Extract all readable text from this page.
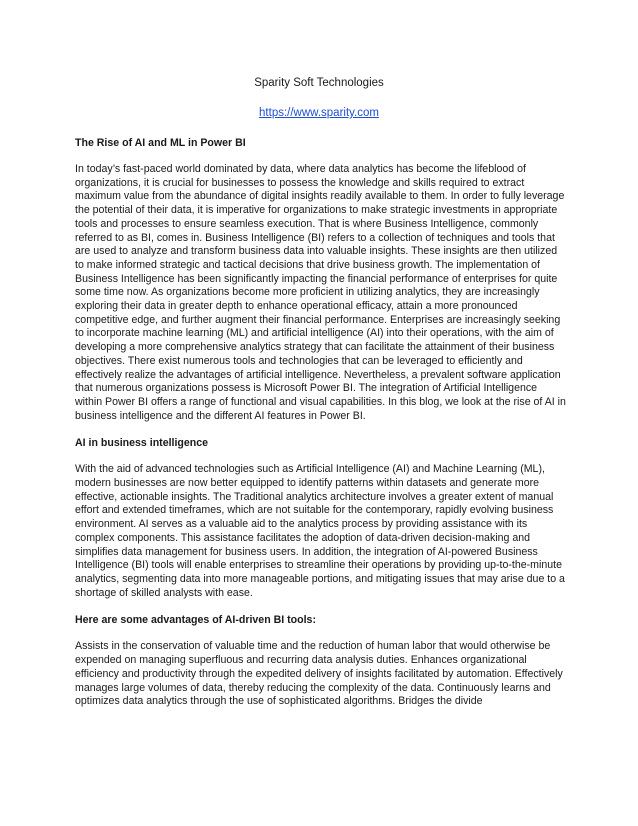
Sparity Soft Technologies
https://www.sparity.com
The Rise of AI and ML in Power BI

In today’s fast-paced world dominated by data, where data analytics has become the lifeblood of organizations, it is crucial for businesses to possess the knowledge and skills required to extract maximum value from the abundance of digital insights readily available to them. In order to fully leverage the potential of their data, it is imperative for organizations to make strategic investments in appropriate tools and processes to ensure seamless execution. That is where Business Intelligence, commonly referred to as BI, comes in. Business Intelligence (BI) refers to a collection of techniques and tools that are used to analyze and transform business data into valuable insights. These insights are then utilized to make informed strategic and tactical decisions that drive business growth. The implementation of Business Intelligence has been significantly impacting the financial performance of enterprises for quite some time now. As organizations become more proficient in utilizing analytics, they are increasingly exploring their data in greater depth to enhance operational efficacy, attain a more pronounced competitive edge, and further augment their financial performance. Enterprises are increasingly seeking to incorporate machine learning (ML) and artificial intelligence (AI) into their operations, with the aim of developing a more comprehensive analytics strategy that can facilitate the attainment of their business objectives. There exist numerous tools and technologies that can be leveraged to efficiently and effectively realize the advantages of artificial intelligence. Nevertheless, a prevalent software application that numerous organizations possess is Microsoft Power BI. The integration of Artificial Intelligence within Power BI offers a range of functional and visual capabilities. In this blog, we look at the rise of AI in business intelligence and the different AI features in Power BI.

AI in business intelligence

With the aid of advanced technologies such as Artificial Intelligence (AI) and Machine Learning (ML), modern businesses are now better equipped to identify patterns within datasets and generate more effective, actionable insights. The Traditional analytics architecture involves a greater extent of manual effort and extended timeframes, which are not suitable for the contemporary, rapidly evolving business environment. AI serves as a valuable aid to the analytics process by providing assistance with its complex components. This assistance facilitates the adoption of data-driven decision-making and simplifies data management for business users. In addition, the integration of AI-powered Business Intelligence (BI) tools will enable enterprises to streamline their operations by providing up-to-the-minute analytics, segmenting data into more manageable portions, and mitigating issues that may arise due to a shortage of skilled analysts with ease.

Here are some advantages of AI-driven BI tools:

Assists in the conservation of valuable time and the reduction of human labor that would otherwise be expended on managing superfluous and recurring data analysis duties. Enhances organizational efficiency and productivity through the expedited delivery of insights facilitated by automation. Effectively manages large volumes of data, thereby reducing the complexity of the data. Continuously learns and optimizes data analytics through the use of sophisticated algorithms. Bridges the divide
